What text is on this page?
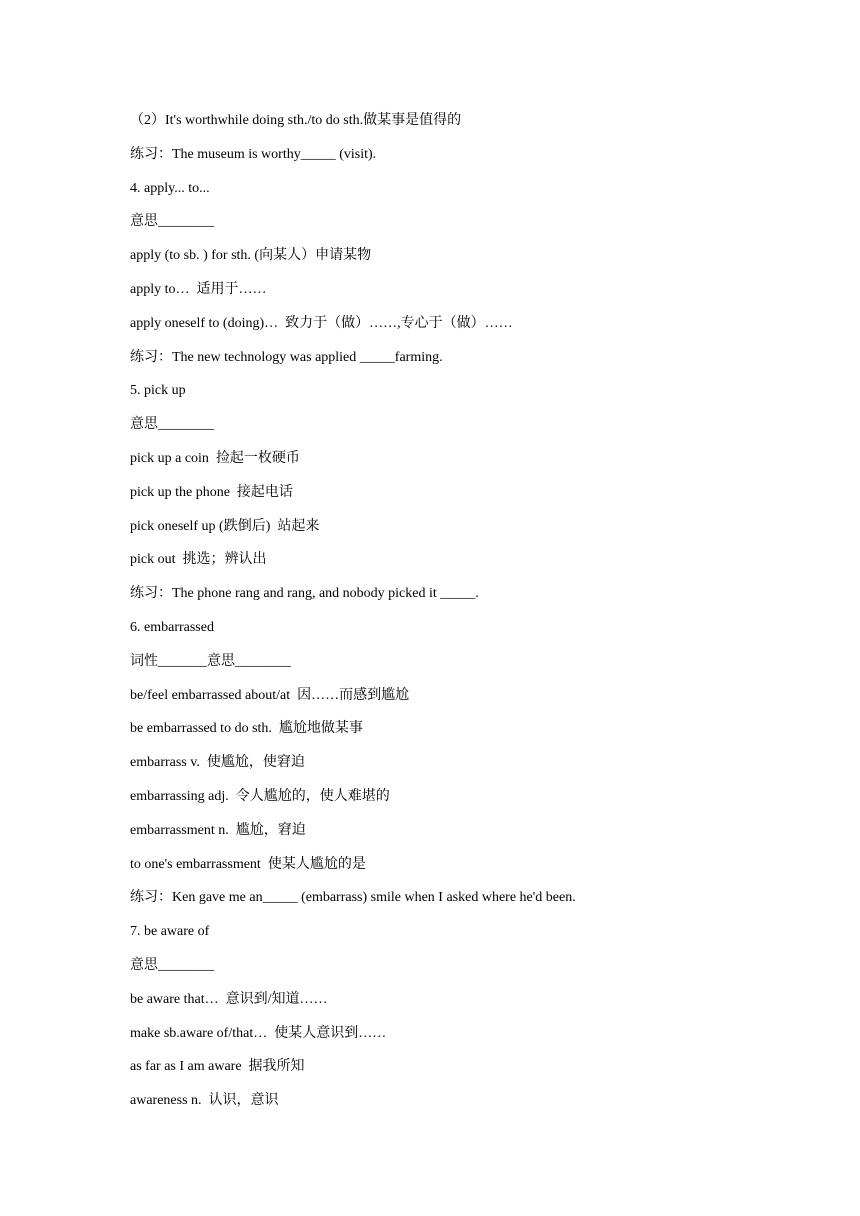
（2）It's worthwhile doing sth./to do sth.做某事是值得的
练习：The museum is worthy_____ (visit).
4. apply... to...
意思________
apply (to sb. ) for sth. (向某人）申请某物
apply to…  适用于……
apply oneself to (doing)…  致力于（做）……,专心于（做）……
练习：The new technology was applied _____farming.
5. pick up
意思________
pick up a coin  捡起一枚硬币
pick up the phone  接起电话
pick oneself up (跌倒后)  站起来
pick out  挑选；辨认出
练习：The phone rang and rang, and nobody picked it _____.
6. embarrassed
词性_______意思________
be/feel embarrassed about/at  因……而感到尴尬
be embarrassed to do sth.  尴尬地做某事
embarrass v.  使尴尬，使窘迫
embarrassing adj.  令人尴尬的，使人难堪的
embarrassment n.  尴尬，窘迫
to one's embarrassment  使某人尴尬的是
练习：Ken gave me an_____ (embarrass) smile when I asked where he'd been.
7. be aware of
意思________
be aware that…  意识到/知道……
make sb.aware of/that…  使某人意识到……
as far as I am aware  据我所知
awareness n.  认识，意识
